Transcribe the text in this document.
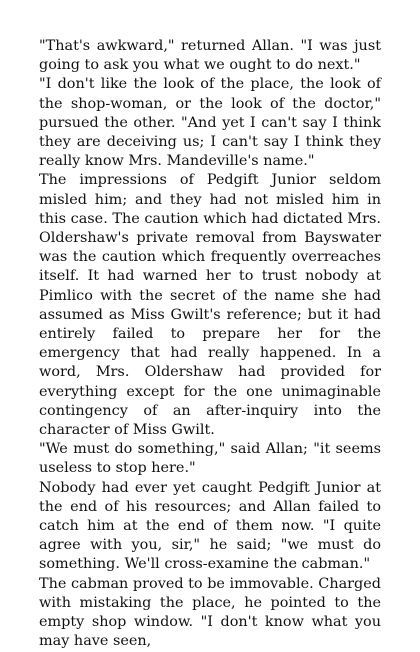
"That's awkward," returned Allan. "I was just going to ask you what we ought to do next."

"I don't like the look of the place, the look of the shop-woman, or the look of the doctor," pursued the other. "And yet I can't say I think they are deceiving us; I can't say I think they really know Mrs. Mandeville's name."

The impressions of Pedgift Junior seldom misled him; and they had not misled him in this case. The caution which had dictated Mrs. Oldershaw's private removal from Bayswater was the caution which frequently overreaches itself. It had warned her to trust nobody at Pimlico with the secret of the name she had assumed as Miss Gwilt's reference; but it had entirely failed to prepare her for the emergency that had really happened. In a word, Mrs. Oldershaw had provided for everything except for the one unimaginable contingency of an after-inquiry into the character of Miss Gwilt.

"We must do something," said Allan; "it seems useless to stop here."

Nobody had ever yet caught Pedgift Junior at the end of his resources; and Allan failed to catch him at the end of them now. "I quite agree with you, sir," he said; "we must do something. We'll cross-examine the cabman."

The cabman proved to be immovable. Charged with mistaking the place, he pointed to the empty shop window. "I don't know what you may have seen,
